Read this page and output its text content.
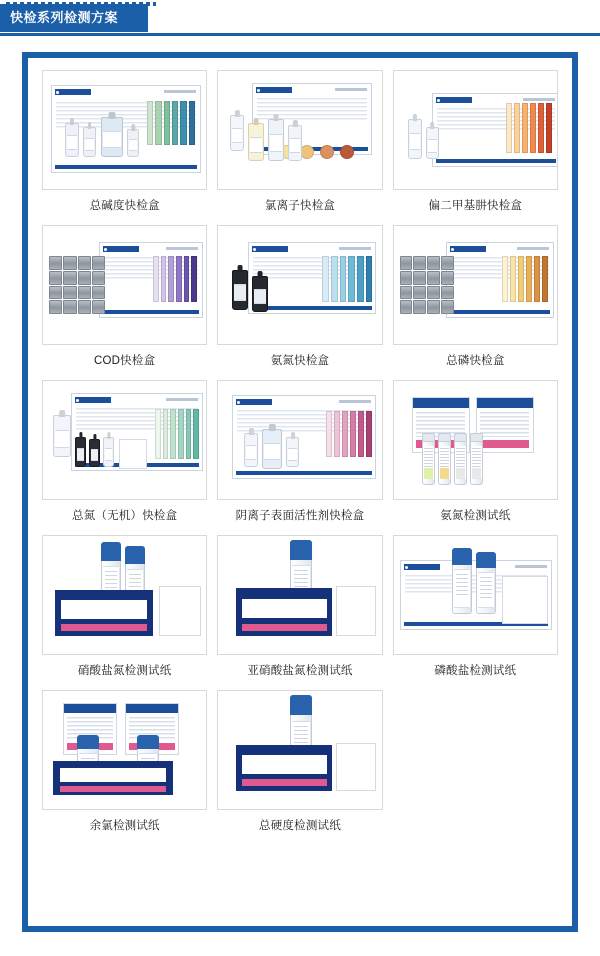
快检系列检测方案
总碱度快检盒	氯离子快检盒	偏二甲基肼快检盒
COD快检盒	氨氮快检盒	总磷快检盒
总氮（无机）快检盒	阴离子表面活性剂快检盒	氨氮检测试纸
硝酸盐氮检测试纸	亚硝酸盐氮检测试纸	磷酸盐检测试纸
余氯检测试纸	总硬度检测试纸
